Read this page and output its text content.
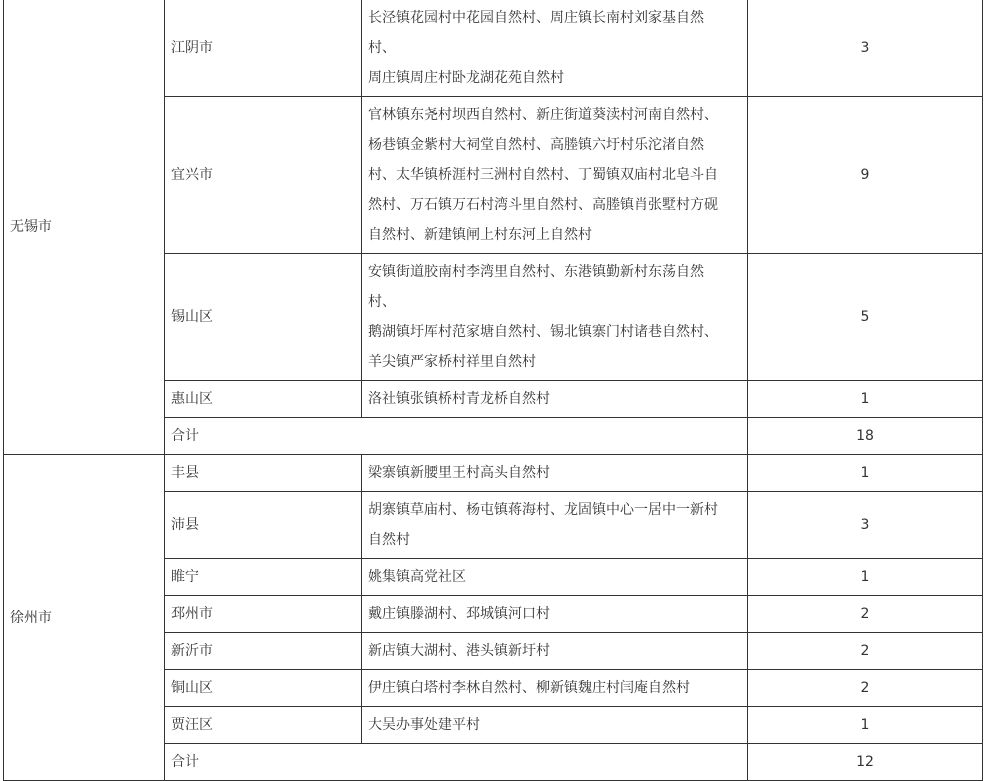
无锡市	江阴市	长泾镇花园村中花园自然村、周庄镇长南村刘家基自然
村、
周庄镇周庄村卧龙湖花苑自然村	3
	宜兴市	官林镇东尧村坝西自然村、新庄街道葵渎村河南自然村、
杨巷镇金紫村大祠堂自然村、高塍镇六圩村乐沱渚自然
村、太华镇桥涯村三洲村自然村、丁蜀镇双庙村北皂斗自
然村、万石镇万石村湾斗里自然村、高塍镇肖张墅村方砚
自然村、新建镇闸上村东河上自然村	9
	锡山区	安镇街道胶南村李湾里自然村、东港镇勤新村东荡自然
村、
鹅湖镇圩厍村范家塘自然村、锡北镇寨门村诸巷自然村、
羊尖镇严家桥村祥里自然村	5
	惠山区	洛社镇张镇桥村青龙桥自然村	1
	合计		18
徐州市	丰县	梁寨镇新腰里王村高头自然村	1
	沛县	胡寨镇草庙村、杨屯镇蒋海村、龙固镇中心一居中一新村
自然村	3
	睢宁	姚集镇高党社区	1
	邳州市	戴庄镇滕湖村、邳城镇河口村	2
	新沂市	新店镇大湖村、港头镇新圩村	2
	铜山区	伊庄镇白塔村李林自然村、柳新镇魏庄村闫庵自然村	2
	贾汪区	大吴办事处建平村	1
	合计		12
